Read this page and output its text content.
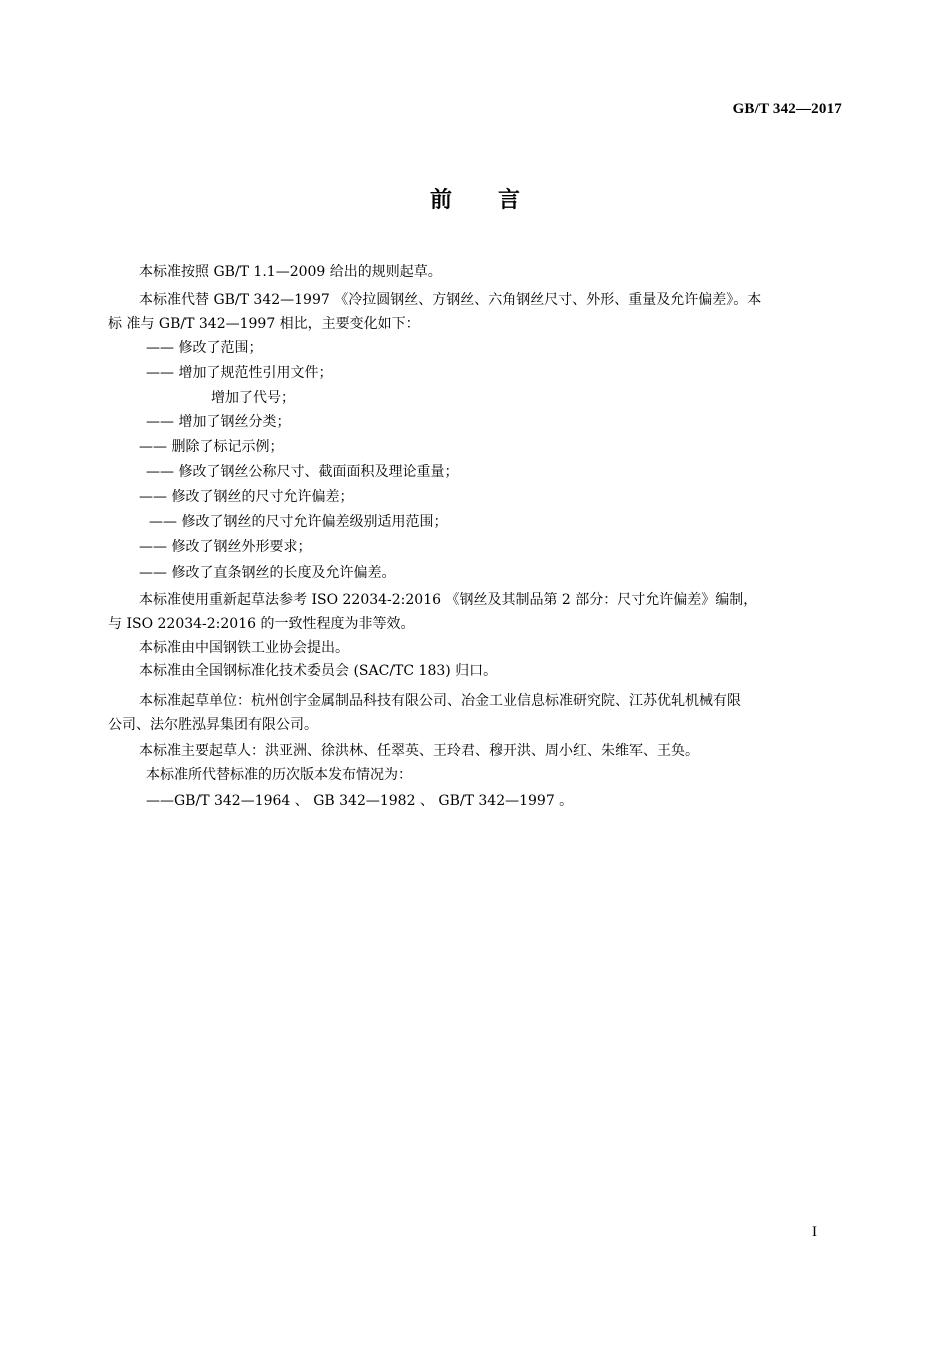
GB/T 342—2017
前言
本标准按照 GB/T 1.1—2009 给出的规则起草。
本标准代替 GB/T 342—1997 《冷拉圆钢丝、方钢丝、六角钢丝尺寸、外形、重量及允许偏差》。本
标 准与 GB/T 342—1997 相比，主要变化如下：
—— 修改了范围；
—— 增加了规范性引用文件；
增加了代号；
—— 增加了钢丝分类；
—— 删除了标记示例；
—— 修改了钢丝公称尺寸、截面面积及理论重量；
—— 修改了钢丝的尺寸允许偏差；
—— 修改了钢丝的尺寸允许偏差级别适用范围；
—— 修改了钢丝外形要求；
—— 修改了直条钢丝的长度及允许偏差。
本标准使用重新起草法参考 ISO 22034-2:2016 《钢丝及其制品第 2 部分：尺寸允许偏差》编制，
与 ISO 22034-2:2016 的一致性程度为非等效。
本标准由中国钢铁工业协会提出。
本标准由全国钢标准化技术委员会 (SAC/TC 183) 归口。
本标准起草单位：杭州创宇金属制品科技有限公司、冶金工业信息标准研究院、江苏优轧机械有限
公司、法尔胜泓昇集团有限公司。
本标准主要起草人：洪亚洲、徐洪林、任翠英、王玲君、穆开洪、周小红、朱维军、王奂。
本标准所代替标准的历次版本发布情况为：
——GB/T 342—1964 、 GB 342—1982 、 GB/T 342—1997 。
I
